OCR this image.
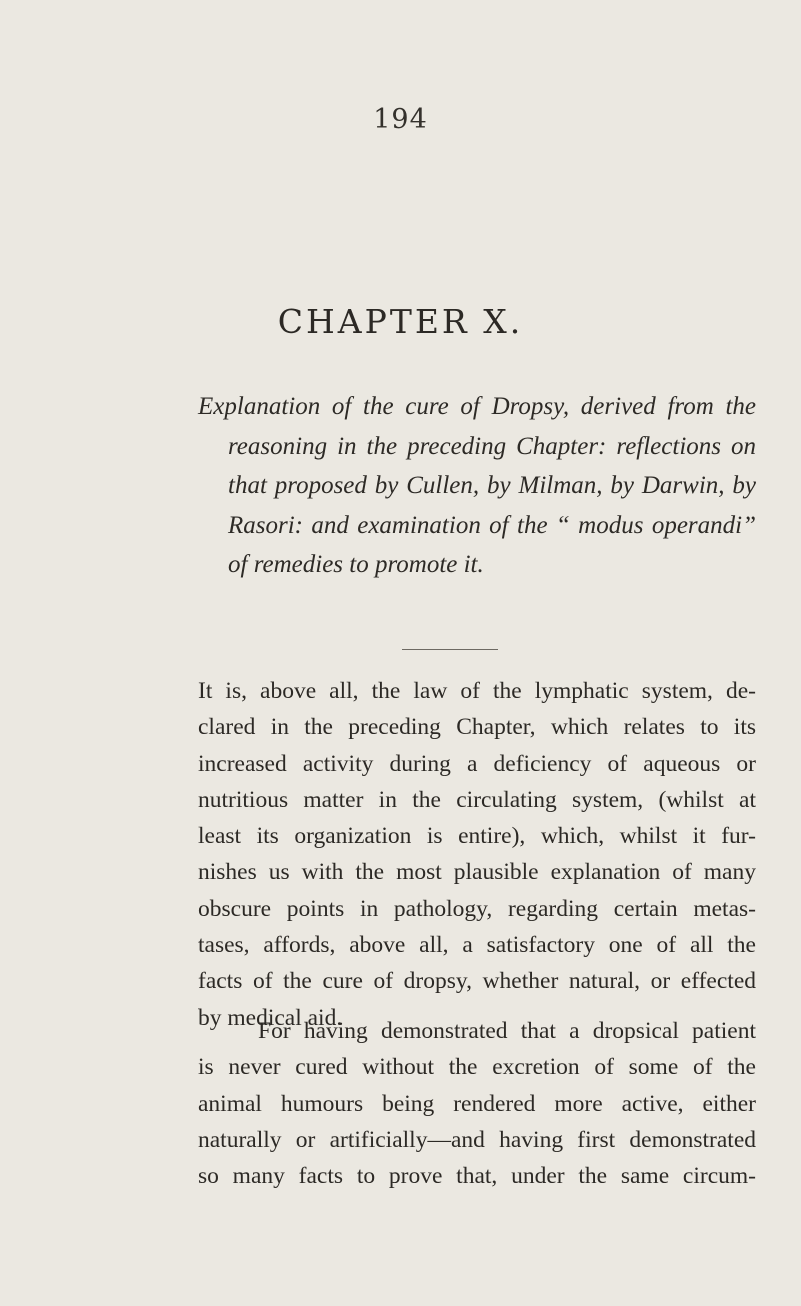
194
CHAPTER X.
Explanation of the cure of Dropsy, derived from the
reasoning in the preceding Chapter: reflections on
that proposed by Cullen, by Milman, by Darwin, by
Rasori: and examination of the “ modus operandi”
of remedies to promote it.
It is, above all, the law of the lymphatic system, de-
clared in the preceding Chapter, which relates to its
increased activity during a deficiency of aqueous or
nutritious matter in the circulating system, (whilst at
least its organization is entire), which, whilst it fur-
nishes us with the most plausible explanation of many
obscure points in pathology, regarding certain metas-
tases, affords, above all, a satisfactory one of all the
facts of the cure of dropsy, whether natural, or effected
by medical aid.
For having demonstrated that a dropsical patient
is never cured without the excretion of some of the
animal humours being rendered more active, either
naturally or artificially—and having first demonstrated
so many facts to prove that, under the same circum-
